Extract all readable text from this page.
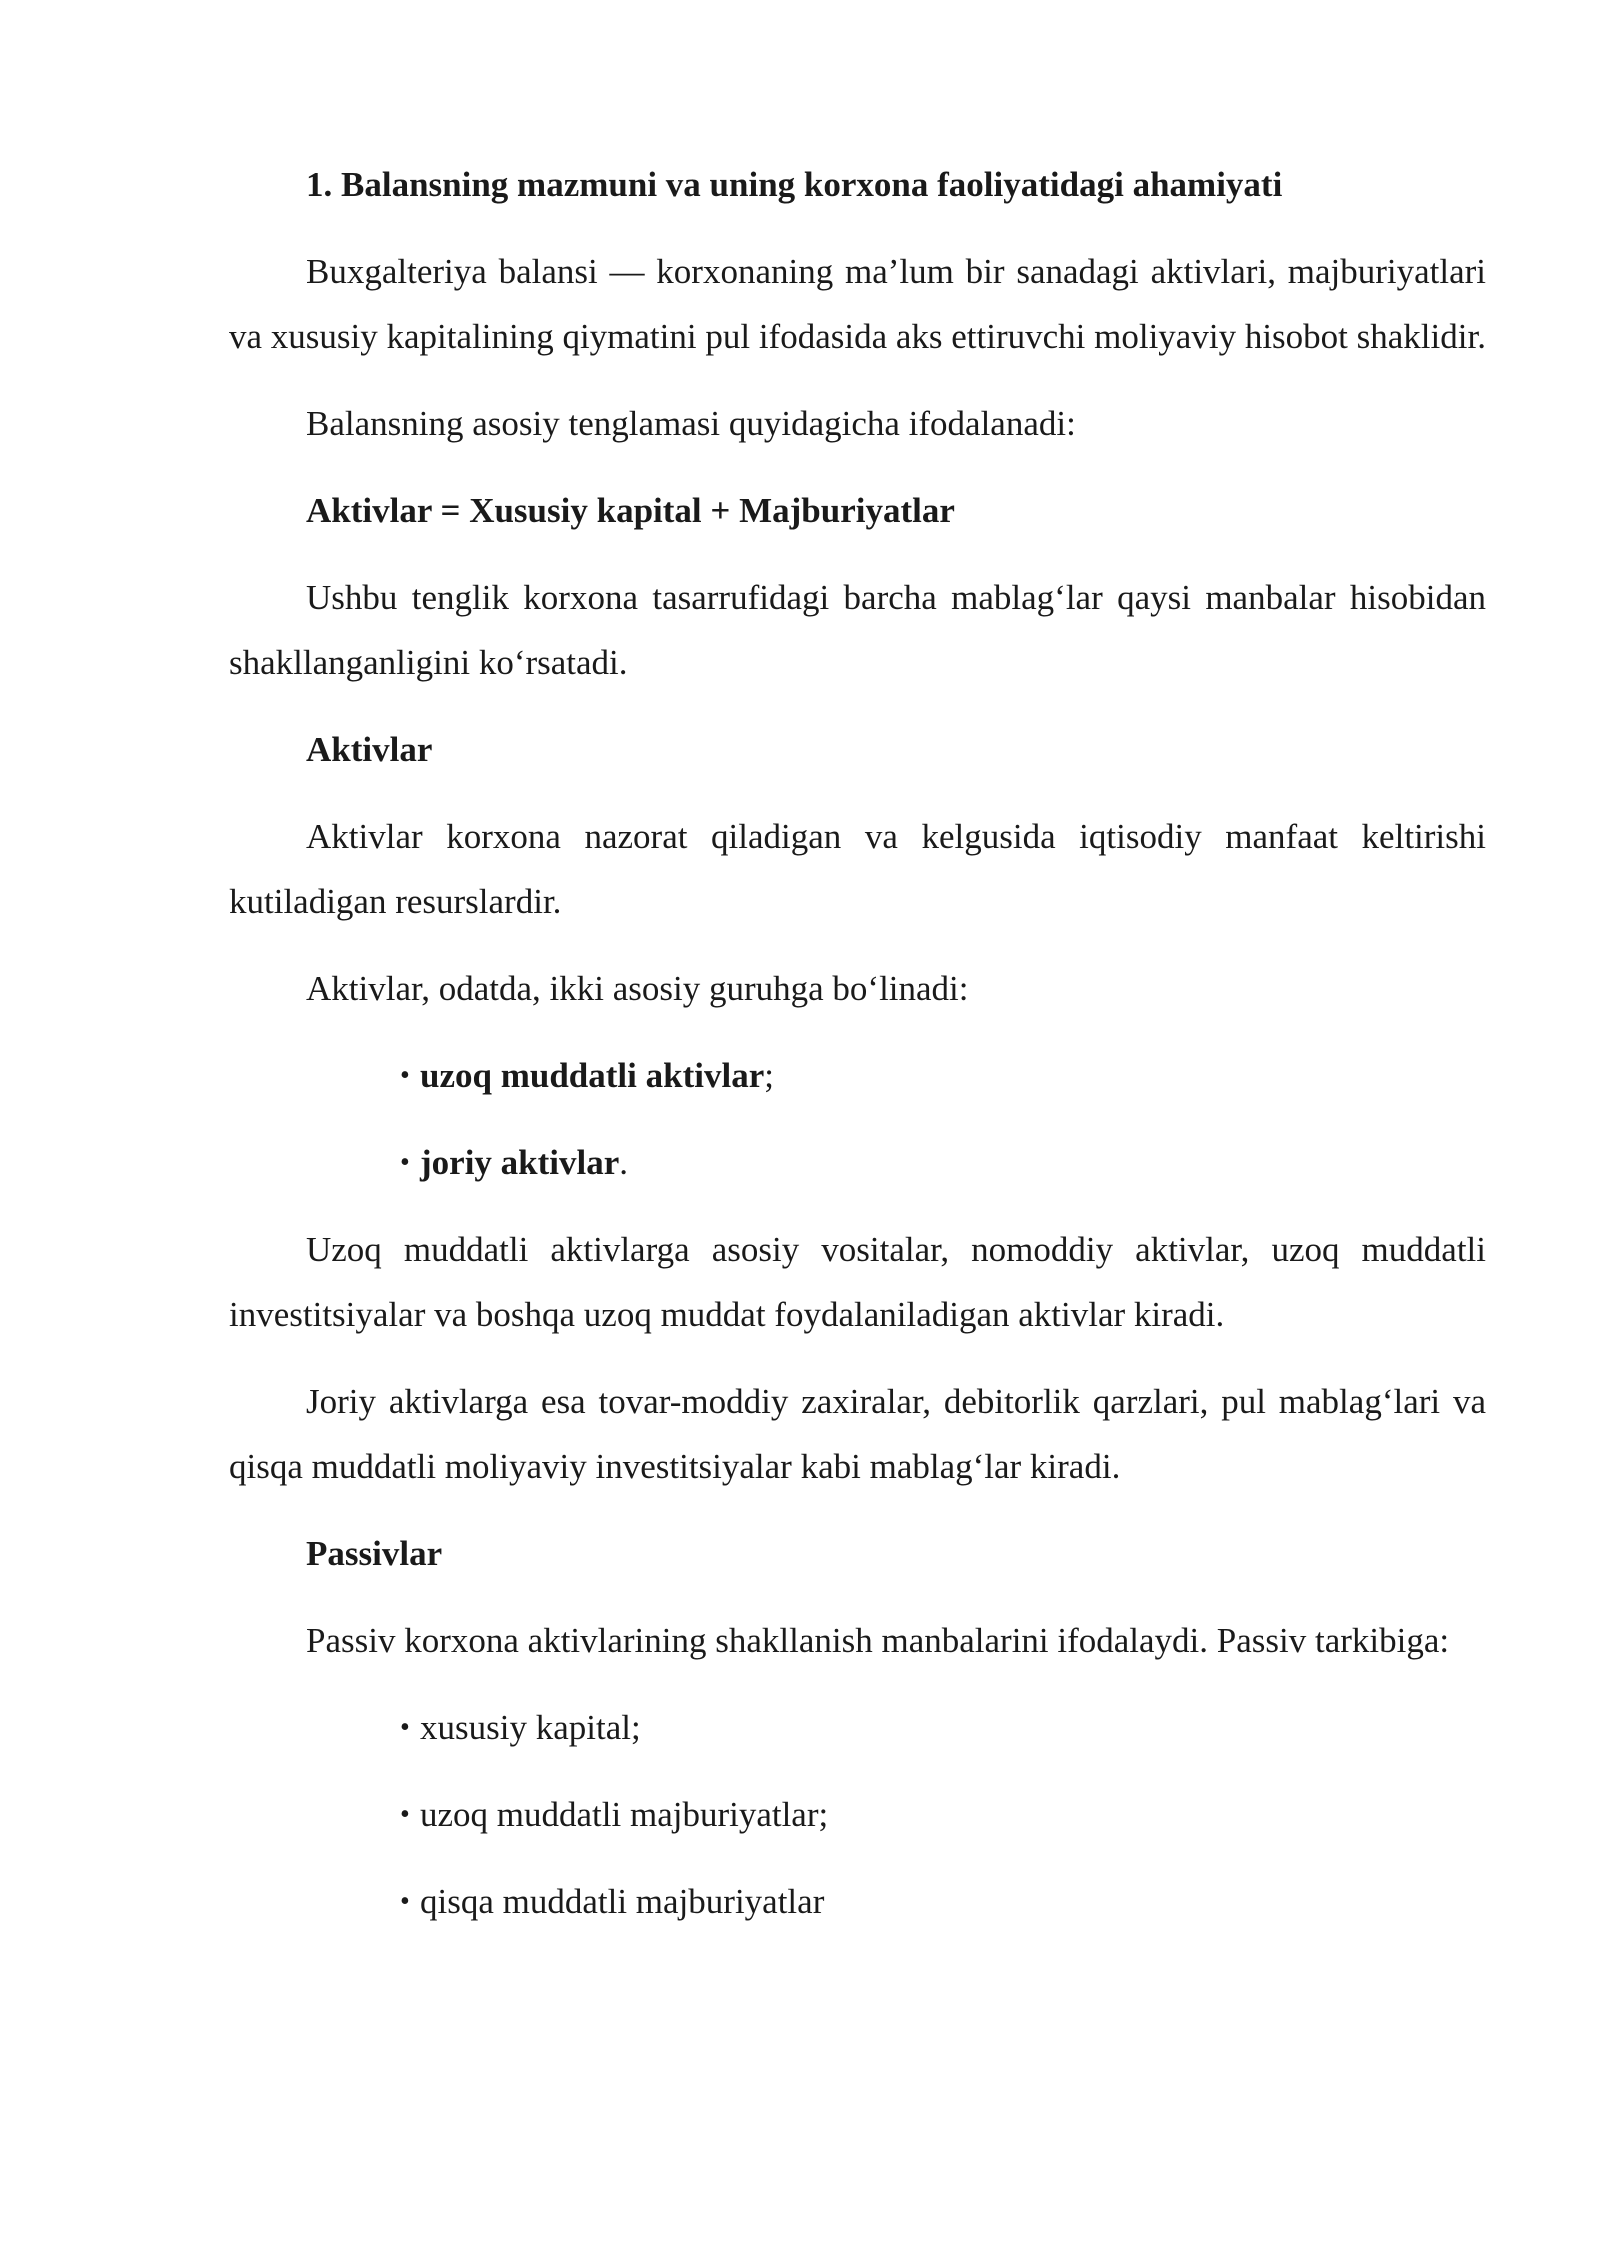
1. Balansning mazmuni va uning korxona faoliyatidagi ahamiyati

Buxgalteriya balansi — korxonaning ma’lum bir sanadagi aktivlari, majburiyatlari va xususiy kapitalining qiymatini pul ifodasida aks ettiruvchi moliyaviy hisobot shaklidir.

Balansning asosiy tenglamasi quyidagicha ifodalanadi:

Aktivlar = Xususiy kapital + Majburiyatlar

Ushbu tenglik korxona tasarrufidagi barcha mablag‘lar qaysi manbalar hisobidan shakllanganligini ko‘rsatadi.

Aktivlar

Aktivlar korxona nazorat qiladigan va kelgusida iqtisodiy manfaat keltirishi kutiladigan resurslardir.

Aktivlar, odatda, ikki asosiy guruhga bo‘linadi:

• uzoq muddatli aktivlar;
• joriy aktivlar.

Uzoq muddatli aktivlarga asosiy vositalar, nomoddiy aktivlar, uzoq muddatli investitsiyalar va boshqa uzoq muddat foydalaniladigan aktivlar kiradi.

Joriy aktivlarga esa tovar-moddiy zaxiralar, debitorlik qarzlari, pul mablag‘lari va qisqa muddatli moliyaviy investitsiyalar kabi mablag‘lar kiradi.

Passivlar

Passiv korxona aktivlarining shakllanish manbalarini ifodalaydi. Passiv tarkibiga:

• xususiy kapital;
• uzoq muddatli majburiyatlar;
• qisqa muddatli majburiyatlar
